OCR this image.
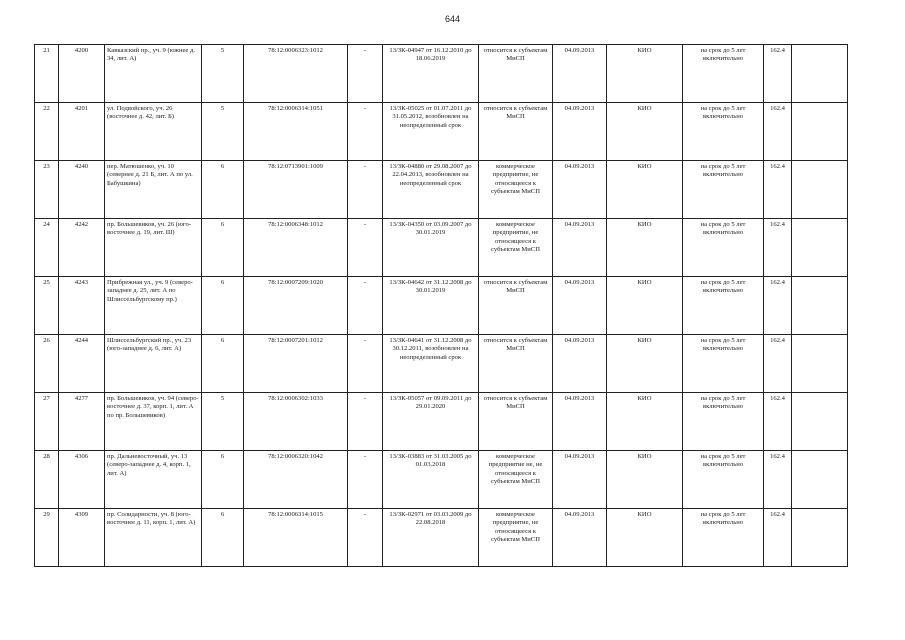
644
21	4200	Кавказский пр., уч. 9 (южнее д. 34, лит. А)	5	78:12:0006323:1012	-	13/ЗК-04947 от 16.12.2010 до 18.06.2019	относится к субъектам МиСП	04.09.2013	КИО	на срок до 5 лет включительно	162.4	
22	4201	ул. Подвойского, уч. 26 (восточнее д. 42, лит. Б)	5	78:12:0006314:1051	-	13/ЗК-05025 от 01.07.2011 до 31.05.2012, возобновлен на неопределенный срок	относится к субъектам МиСП	04.09.2013	КИО	на срок до 5 лет включительно	162.4	
23	4240	пер. Матюшенко, уч. 10 (севернее д. 21 Б, лит. А по ул. Бабушкина)	6	78:12:0713901:1009	-	13/ЗК-04880 от 29.08.2007 до 22.04.2013, возобновлен на неопределенный срок	коммерческое предприятие, не относящееся к субъектам МиСП	04.09.2013	КИО	на срок до 5 лет включительно	162.4	
24	4242	пр. Большевиков, уч. 26 (юго-восточнее д. 19, лит. Ш)	6	78:12:0006348:1012	-	13/ЗК-04350 от 03.09.2007 до 30.01.2019	коммерческое предприятие, не относящееся к субъектам МиСП	04.09.2013	КИО	на срок до 5 лет включительно	162.4	
25	4243	Прибрежная ул., уч. 9 (северо-западнее д. 25, лит. А по Шлиссельбургскому пр.)	6	78:12:0007209:1020	-	13/ЗК-04642 от 31.12.2008 до 30.01.2019	относится к субъектам МиСП	04.09.2013	КИО	на срок до 5 лет включительно	162.4	
26	4244	Шлиссельбургский пр., уч. 23 (юго-западнее д. 6, лит. А)	6	78:12:0007201:1012	-	13/ЗК-04641 от 31.12.2008 до 30.12.2011, возобновлен на неопределенный срок	относится к субъектам МиСП	04.09.2013	КИО	на срок до 5 лет включительно	162.4	
27	4277	пр. Большевиков, уч. 94 (северо-восточнее д. 37, корп. 1, лит. А по пр. Большевиков)	5	78:12:0006302:1033	-	13/ЗК-05057 от 09.09.2011 до 29.01.2020	относится к субъектам МиСП	04.09.2013	КИО	на срок до 5 лет включительно	162.4	
28	4306	пр. Дальневосточный, уч. 13 (северо-западнее д. 4, корп. 1, лит. А)	6	78:12:0006320:1042	-	13/ЗК-03883 от 31.03.2005 до 01.03.2018	коммерческое предприятие не, не относящееся к субъектам МиСП	04.09.2013	КИО	на срок до 5 лет включительно	162.4	
29	4309	пр. Солидарности, уч. 8 (юго-восточнее д. 11, корп. 1, лит. А)	6	78:12:0006314:1015	-	13/ЗК-02971 от 03.03.2009 до 22.08.2018	коммерческое предприятие, не относящееся к субъектам МиСП	04.09.2013	КИО	на срок до 5 лет включительно	162.4	
